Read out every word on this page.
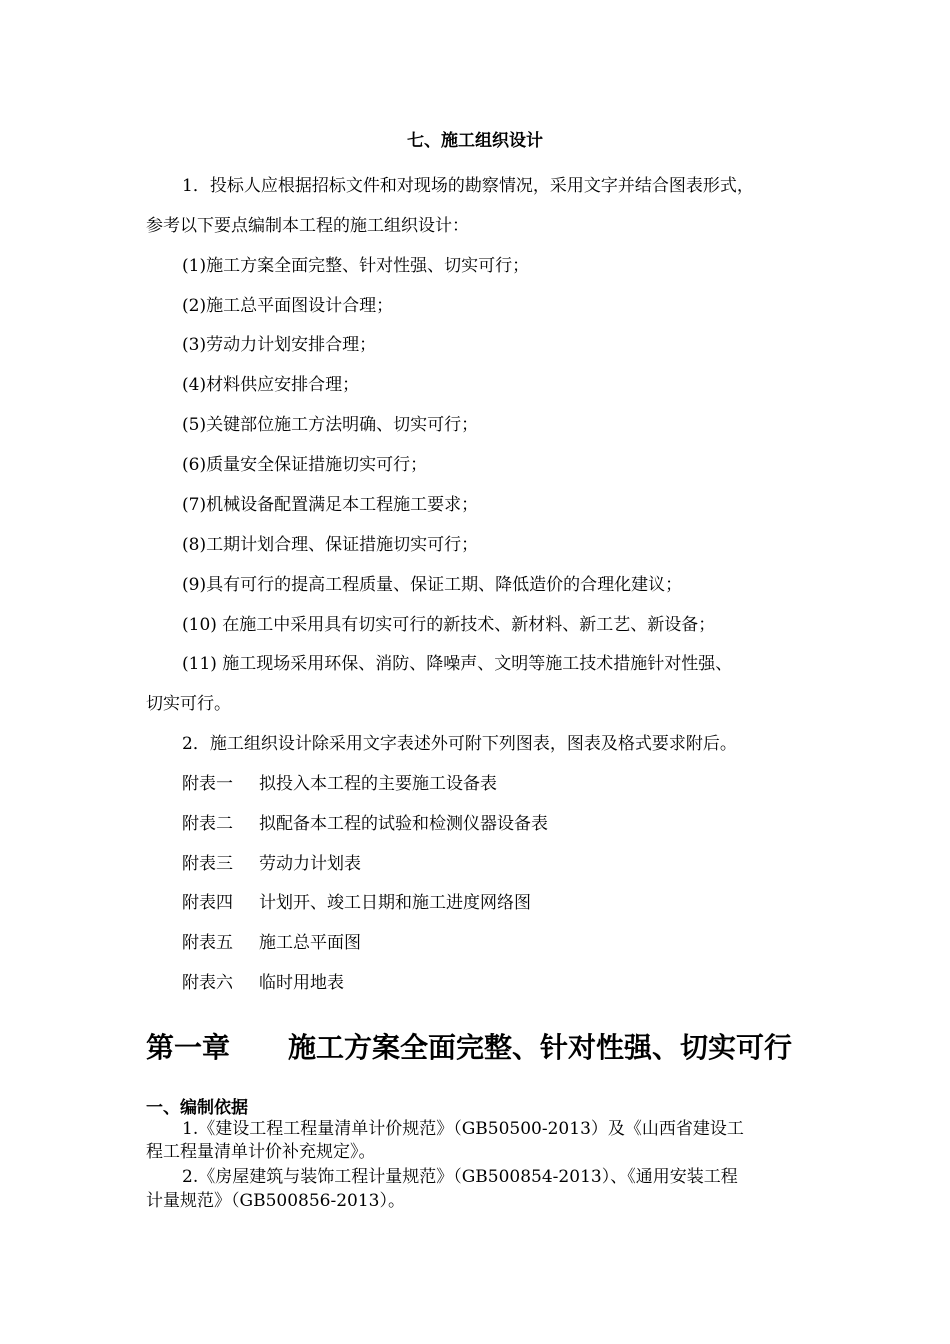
七、施工组织设计
1．投标人应根据招标文件和对现场的勘察情况，采用文字并结合图表形式，
参考以下要点编制本工程的施工组织设计：
(1)施工方案全面完整、针对性强、切实可行；
(2)施工总平面图设计合理；
(3)劳动力计划安排合理；
(4)材料供应安排合理；
(5)关键部位施工方法明确、切实可行；
(6)质量安全保证措施切实可行；
(7)机械设备配置满足本工程施工要求；
(8)工期计划合理、保证措施切实可行；
(9)具有可行的提高工程质量、保证工期、降低造价的合理化建议；
(10) 在施工中采用具有切实可行的新技术、新材料、新工艺、新设备；
(11) 施工现场采用环保、消防、降噪声、文明等施工技术措施针对性强、
切实可行。
2．施工组织设计除采用文字表述外可附下列图表，图表及格式要求附后。
附表一 拟投入本工程的主要施工设备表
附表二 拟配备本工程的试验和检测仪器设备表
附表三 劳动力计划表
附表四 计划开、竣工日期和施工进度网络图
附表五 施工总平面图
附表六 临时用地表
第一章 施工方案全面完整、针对性强、切实可行
一、编制依据
1.《建设工程工程量清单计价规范》（GB50500-2013）及《山西省建设工
程工程量清单计价补充规定》。
2.《房屋建筑与装饰工程计量规范》（GB500854-2013）、《通用安装工程
计量规范》（GB500856-2013）。
